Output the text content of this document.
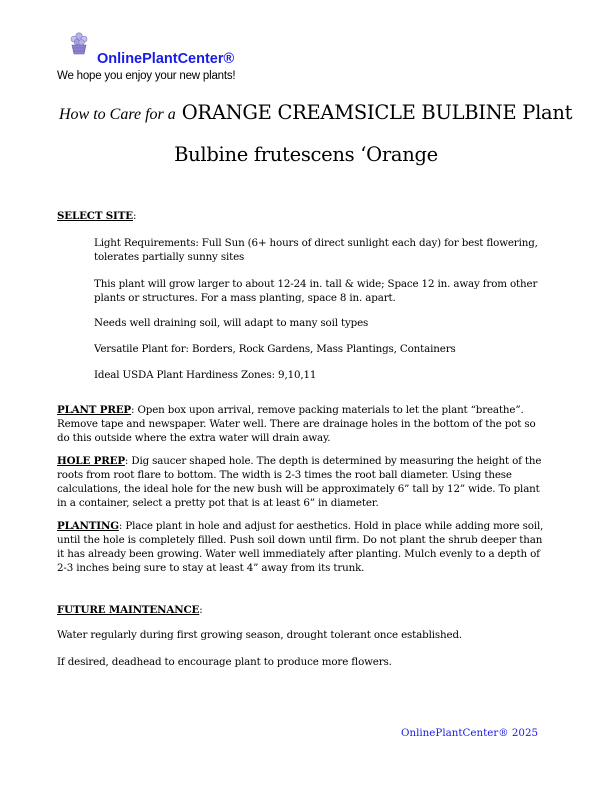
OnlinePlantCenter®
We hope you enjoy your new plants!
How to Care for a ORANGE CREAMSICLE BULBINE Plant
Bulbine frutescens ‘Orange
SELECT SITE:

Light Requirements: Full Sun (6+ hours of direct sunlight each day) for best flowering, tolerates partially sunny sites

This plant will grow larger to about 12-24 in. tall & wide; Space 12 in. away from other plants or structures. For a mass planting, space 8 in. apart.

Needs well draining soil, will adapt to many soil types

Versatile Plant for: Borders, Rock Gardens, Mass Plantings, Containers

Ideal USDA Plant Hardiness Zones: 9,10,11

PLANT PREP: Open box upon arrival, remove packing materials to let the plant “breathe”. Remove tape and newspaper. Water well. There are drainage holes in the bottom of the pot so do this outside where the extra water will drain away.

HOLE PREP: Dig saucer shaped hole. The depth is determined by measuring the height of the roots from root flare to bottom. The width is 2-3 times the root ball diameter. Using these calculations, the ideal hole for the new bush will be approximately 6” tall by 12” wide. To plant in a container, select a pretty pot that is at least 6” in diameter.

PLANTING: Place plant in hole and adjust for aesthetics. Hold in place while adding more soil, until the hole is completely filled. Push soil down until firm. Do not plant the shrub deeper than it has already been growing. Water well immediately after planting. Mulch evenly to a depth of 2-3 inches being sure to stay at least 4” away from its trunk.

FUTURE MAINTENANCE:

Water regularly during first growing season, drought tolerant once established.

If desired, deadhead to encourage plant to produce more flowers.

OnlinePlantCenter® 2025
